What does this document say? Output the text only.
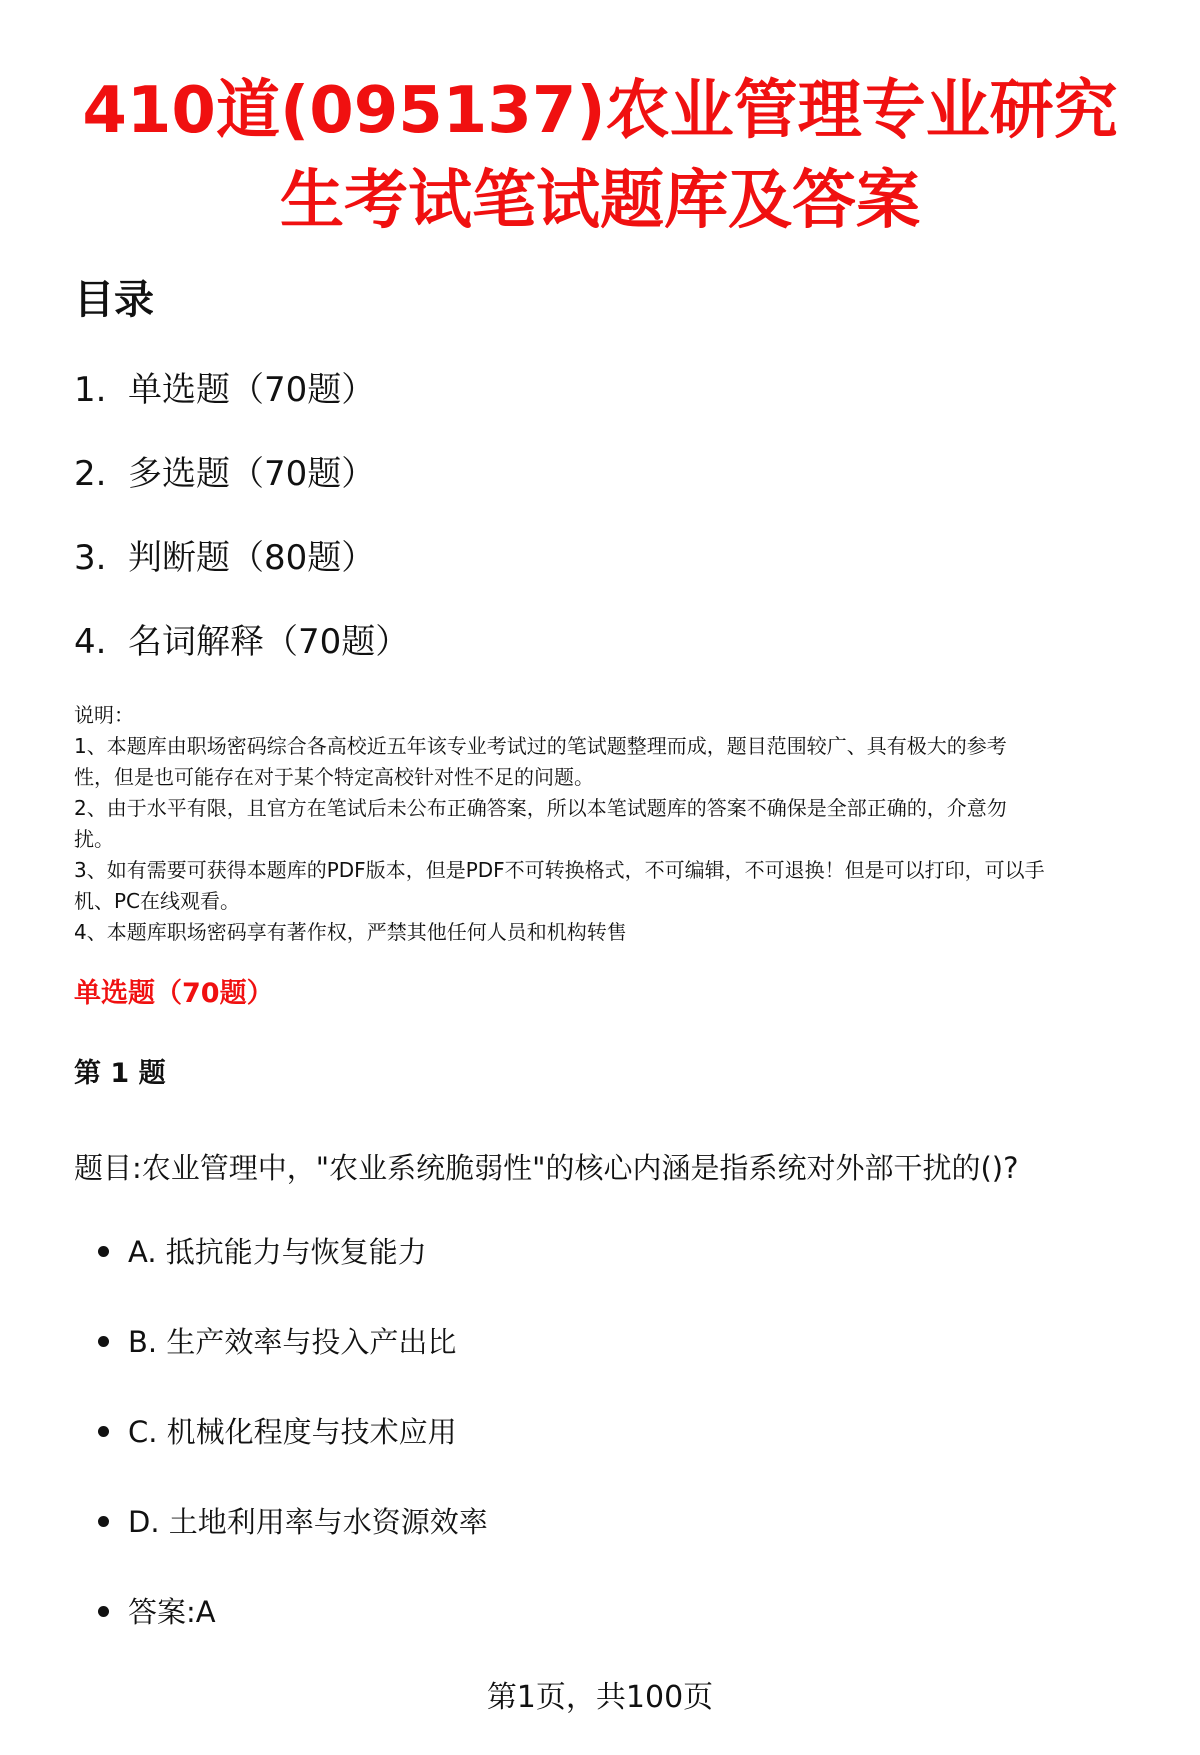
410道(095137)农业管理专业研究
生考试笔试题库及答案
目录
1. 单选题（70题）
2. 多选题（70题）
3. 判断题（80题）
4. 名词解释（70题）

说明：

1、本题库由职场密码综合各高校近五年该专业考试过的笔试题整理而成，题目范围较广、具有极大的参考

性，但是也可能存在对于某个特定高校针对性不足的问题。

2、由于水平有限，且官方在笔试后未公布正确答案，所以本笔试题库的答案不确保是全部正确的，介意勿

扰。

3、如有需要可获得本题库的PDF版本，但是PDF不可转换格式，不可编辑，不可退换！但是可以打印，可以手

机、PC在线观看。

4、本题库职场密码享有著作权，严禁其他任何人员和机构转售

单选题（70题）
第 1 题

题目:农业管理中，"农业系统脆弱性"的核心内涵是指系统对外部干扰的()?

A. 抵抗能力与恢复能力
B. 生产效率与投入产出比
C. 机械化程度与技术应用
D. 土地利用率与水资源效率
答案:A
第1页，共100页
